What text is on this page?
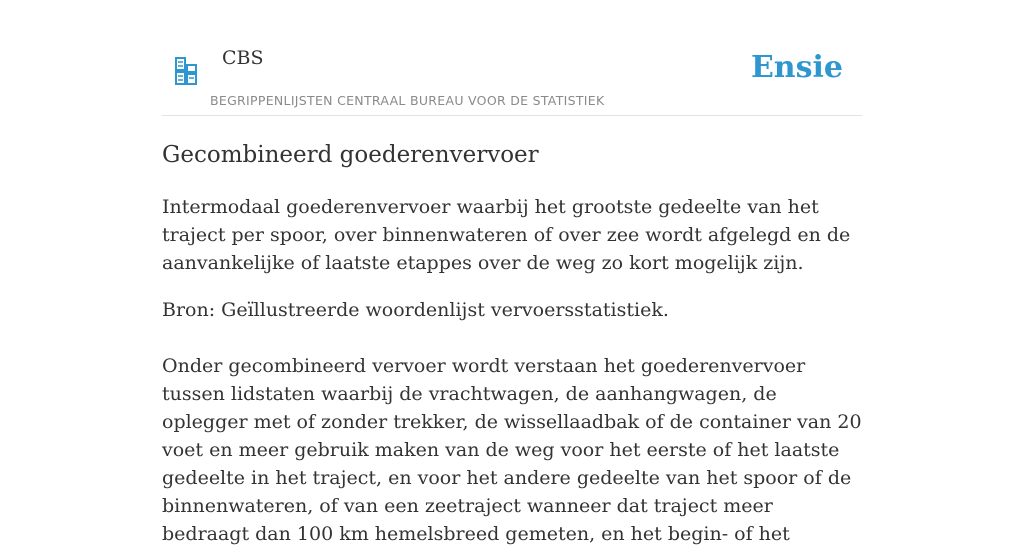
CBS
BEGRIPPENLIJSTEN CENTRAAL BUREAU VOOR DE STATISTIEK
Ensie
Gecombineerd goederenvervoer

Intermodaal goederenvervoer waarbij het grootste gedeelte van het traject per spoor, over binnenwateren of over zee wordt afgelegd en de aanvankelijke of laatste etappes over de weg zo kort mogelijk zijn.

Bron: Geïllustreerde woordenlijst vervoersstatistiek.

Onder gecombineerd vervoer wordt verstaan het goederenvervoer tussen lidstaten waarbij de vrachtwagen, de aanhangwagen, de oplegger met of zonder trekker, de wissellaadbak of de container van 20 voet en meer gebruik maken van de weg voor het eerste of het laatste gedeelte in het traject, en voor het andere gedeelte van het spoor of de binnenwateren, of van een zeetraject wanneer dat traject meer bedraagt dan 100 km hemelsbreed gemeten, en het begin- of het
